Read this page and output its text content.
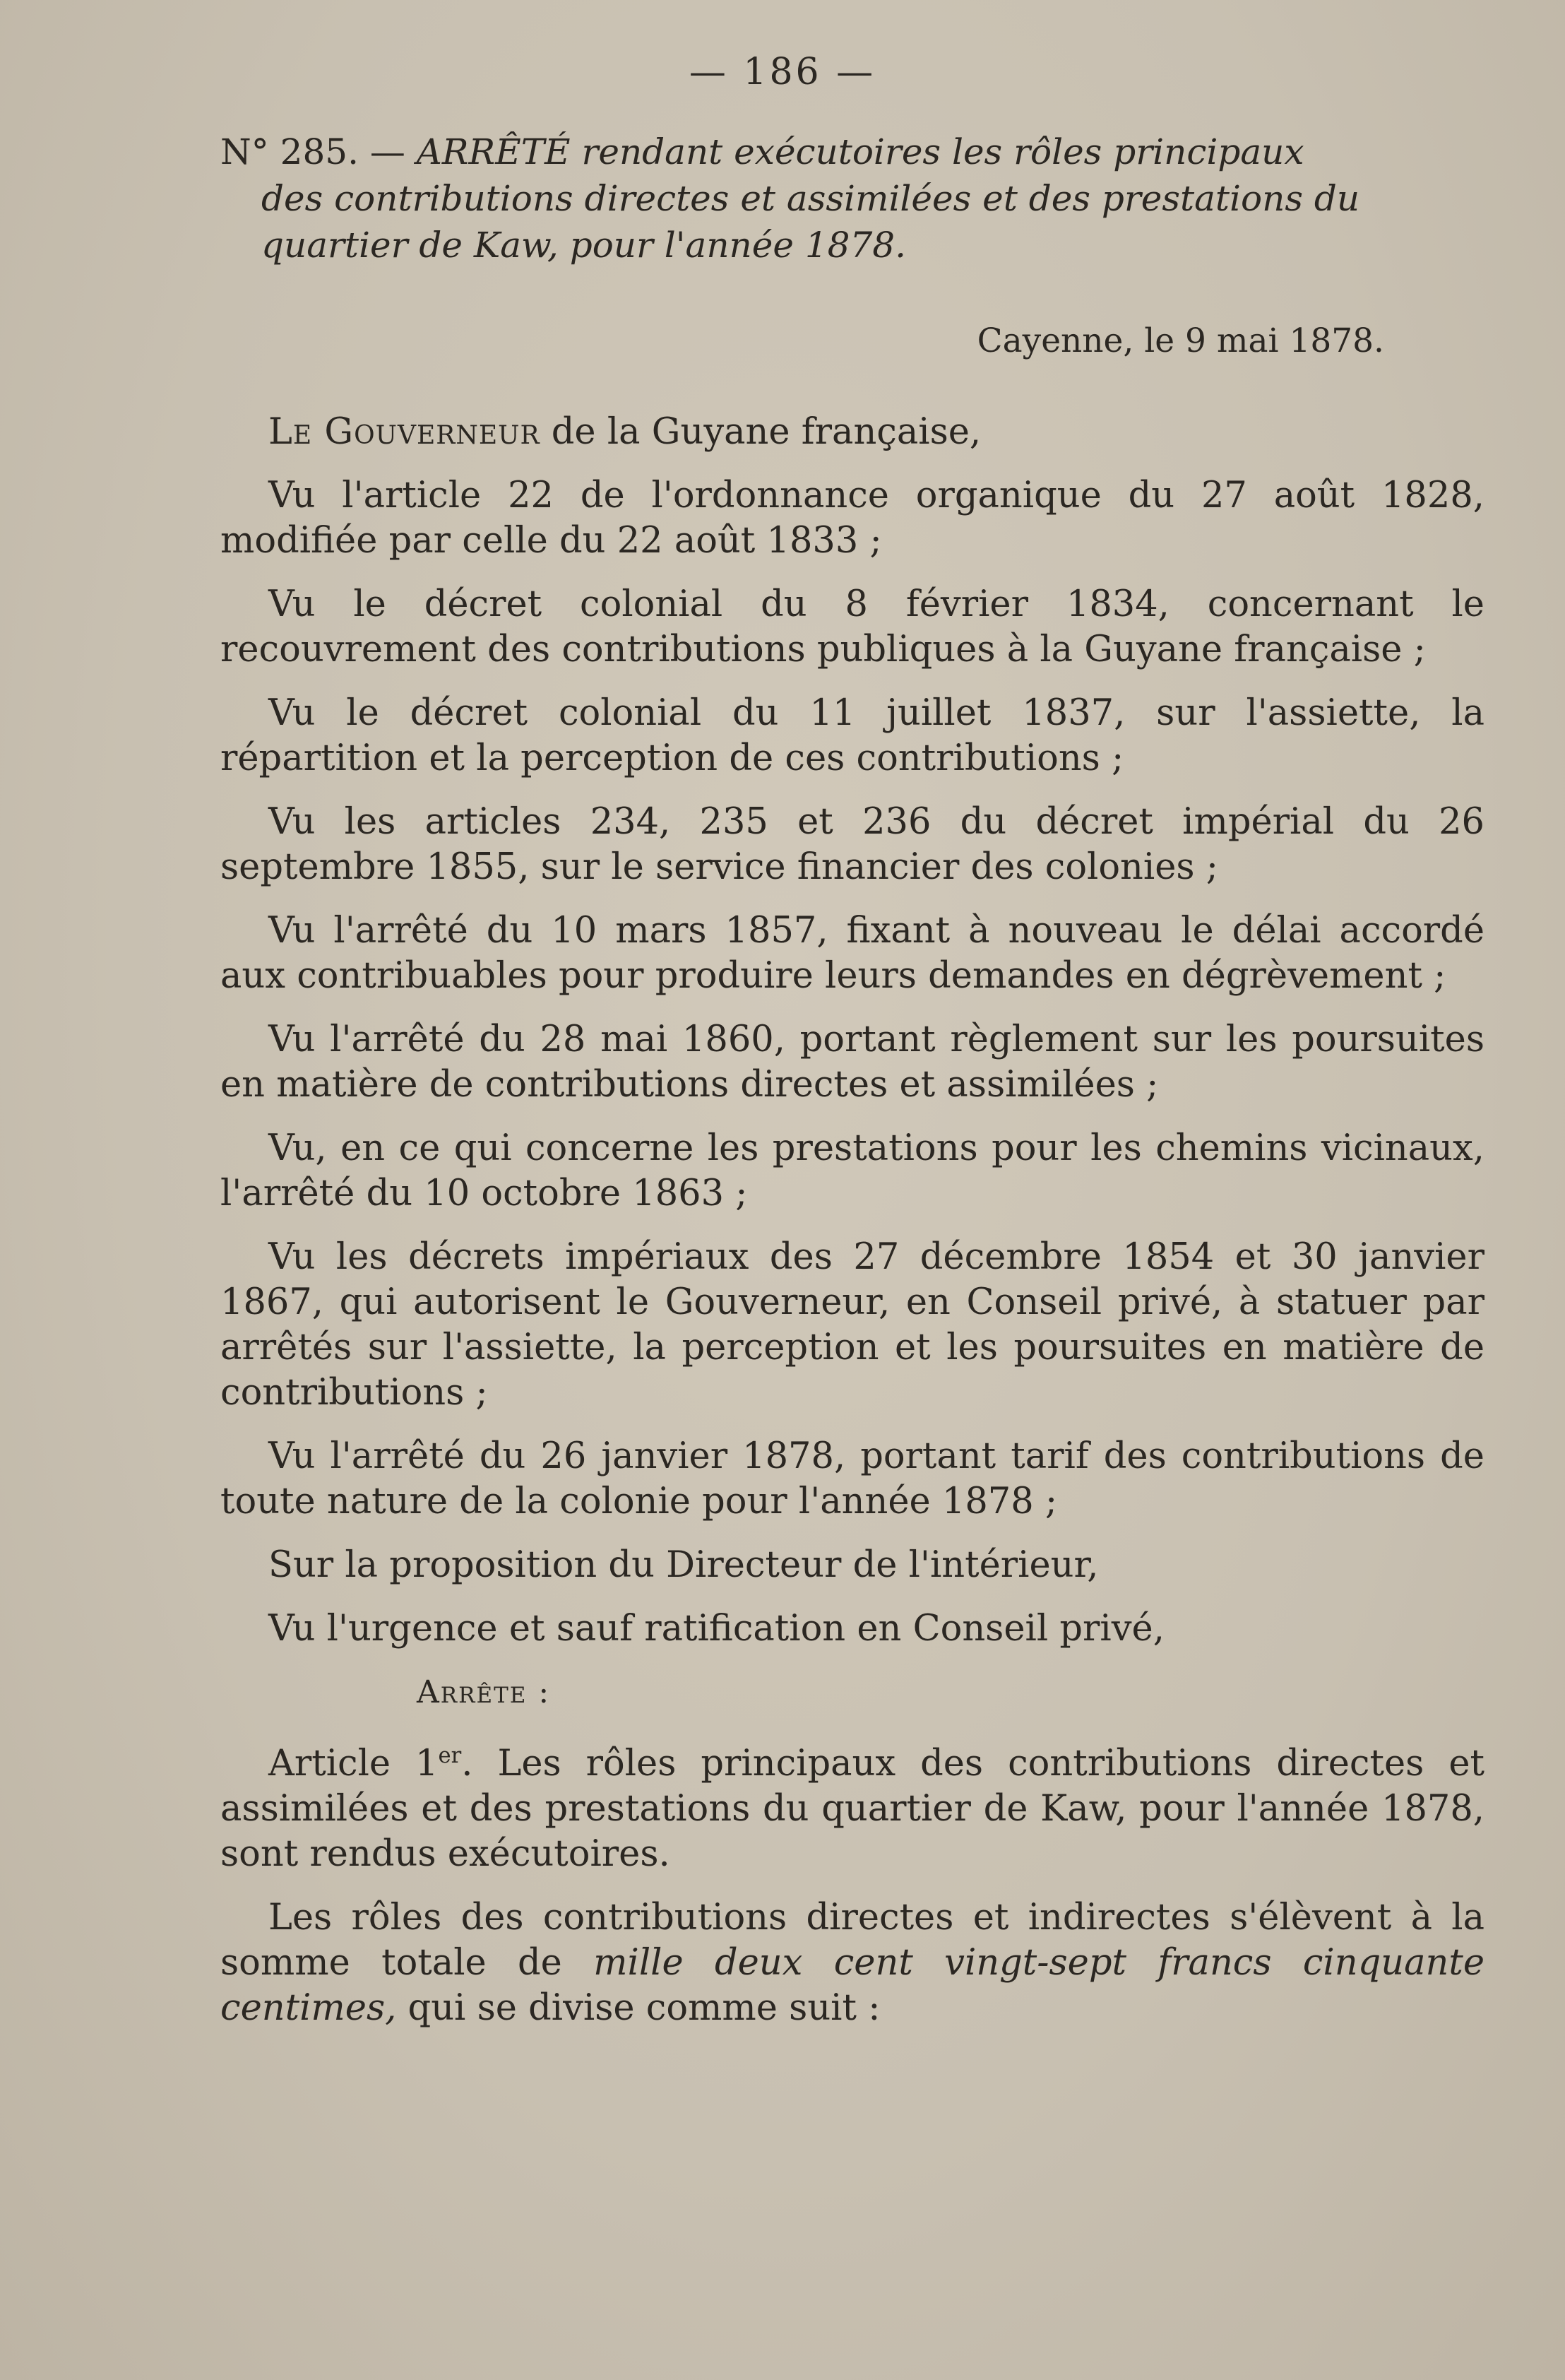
— 186 —
N° 285. — ARRÊTÉ rendant exécutoires les rôles principaux
des contributions directes et assimilées et des prestations du
quartier de Kaw, pour l'année 1878.
Cayenne, le 9 mai 1878.

Le Gouverneur de la Guyane française,

Vu l'article 22 de l'ordonnance organique du 27 août 1828, modifiée par celle du 22 août 1833 ;

Vu le décret colonial du 8 février 1834, concernant le recouvrement des contributions publiques à la Guyane française ;

Vu le décret colonial du 11 juillet 1837, sur l'assiette, la répartition et la perception de ces contributions ;

Vu les articles 234, 235 et 236 du décret impérial du 26 septembre 1855, sur le service financier des colonies ;

Vu l'arrêté du 10 mars 1857, fixant à nouveau le délai accordé aux contribuables pour produire leurs demandes en dégrèvement ;

Vu l'arrêté du 28 mai 1860, portant règlement sur les poursuites en matière de contributions directes et assimilées ;

Vu, en ce qui concerne les prestations pour les chemins vicinaux, l'arrêté du 10 octobre 1863 ;

Vu les décrets impériaux des 27 décembre 1854 et 30 janvier 1867, qui autorisent le Gouverneur, en Conseil privé, à statuer par arrêtés sur l'assiette, la perception et les poursuites en matière de contributions ;

Vu l'arrêté du 26 janvier 1878, portant tarif des contributions de toute nature de la colonie pour l'année 1878 ;

Sur la proposition du Directeur de l'intérieur,

Vu l'urgence et sauf ratification en Conseil privé,

Arrête :

Article 1er. Les rôles principaux des contributions directes et assimilées et des prestations du quartier de Kaw, pour l'année 1878, sont rendus exécutoires.

Les rôles des contributions directes et indirectes s'élèvent à la somme totale de mille deux cent vingt-sept francs cinquante centimes, qui se divise comme suit :
